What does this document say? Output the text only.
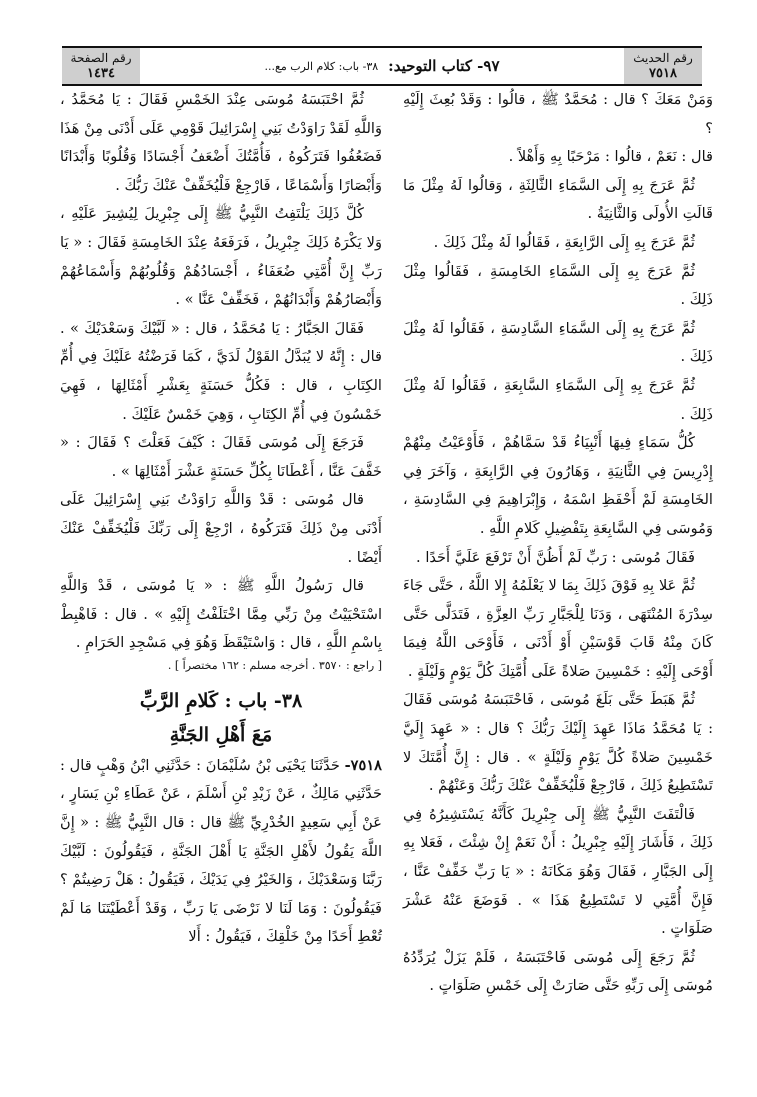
رقم الحديث
٧٥١٨
٩٧- كتاب التوحيد:
٣٨- باب: كلام الرب مع...
رقم الصفحة
١٤٣٤

وَمَنْ مَعَكَ ؟ قال : مُحَمَّدٌ ﷺ ، قالُوا : وَقَدْ بُعِثَ إِلَيْهِ ؟

قال : نَعَمْ ، قالُوا : مَرْحَبًا بِهِ وَأَهْلاً .

ثُمَّ عَرَجَ بِهِ إِلَى السَّمَاءِ الثَّالِثَةِ ، وَقالُوا لَهُ مِثْلَ مَا قَالَتِ الأُولَى وَالثَّانِيَةُ .

ثُمَّ عَرَجَ بِهِ إِلَى الرَّابِعَةِ ، فَقَالُوا لَهُ مِثْلَ ذَلِكَ .

ثُمَّ عَرَجَ بِهِ إِلَى السَّمَاءِ الخَامِسَةِ ، فَقَالُوا مِثْلَ ذَلِكَ .

ثُمَّ عَرَجَ بِهِ إِلَى السَّمَاءِ السَّادِسَةِ ، فَقَالُوا لَهُ مِثْلَ ذَلِكَ .

ثُمَّ عَرَجَ بِهِ إِلَى السَّمَاءِ السَّابِعَةِ ، فَقَالُوا لَهُ مِثْلَ ذَلِكَ .

كُلُّ سَمَاءٍ فِيهَا أَنْبِيَاءُ قَدْ سَمَّاهُمْ ، فَأَوْعَيْتُ مِنْهُمْ إِدْرِيسَ فِي الثَّانِيَةِ ، وَهَارُونَ فِي الرَّابِعَةِ ، وَآخَرَ فِي الخَامِسَةِ لَمْ أَحْفَظِ اسْمَهُ ، وَإِبْرَاهِيمَ فِي السَّادِسَةِ ، وَمُوسَى فِي السَّابِعَةِ بِتَفْضِيلِ كَلامِ اللَّهِ .

فَقَالَ مُوسَى : رَبِّ لَمْ أَظُنَّ أَنْ تَرْفَعَ عَلَيَّ أَحَدًا .

ثُمَّ عَلا بِهِ فَوْقَ ذَلِكَ بِمَا لا يَعْلَمُهُ إِلا اللَّهُ ، حَتَّى جَاءَ سِدْرَةَ المُنْتَهَى ، وَدَنَا لِلْجَبَّارِ رَبِّ العِزَّةِ ، فَتَدَلَّى حَتَّى كَانَ مِنْهُ قَابَ قَوْسَيْنِ أَوْ أَدْنَى ، فَأَوْحَى اللَّهُ فِيمَا أَوْحَى إِلَيْهِ : خَمْسِينَ صَلاةً عَلَى أُمَّتِكَ كُلَّ يَوْمٍ وَلَيْلَةٍ .

ثُمَّ هَبَطَ حَتَّى بَلَغَ مُوسَى ، فَاحْتَبَسَهُ مُوسَى فَقَالَ : يَا مُحَمَّدُ مَاذَا عَهِدَ إِلَيْكَ رَبُّكَ ؟ قال : « عَهِدَ إِلَيَّ خَمْسِينَ صَلاةً كُلَّ يَوْمٍ وَلَيْلَةٍ » . قال : إِنَّ أُمَّتَكَ لا تَسْتَطِيعُ ذَلِكَ ، فَارْجِعْ فَلْيُخَفِّفْ عَنْكَ رَبُّكَ وَعَنْهُمْ .

فَالْتَفَتَ النَّبِيُّ ﷺ إِلَى جِبْرِيلَ كَأَنَّهُ يَسْتَشِيرُهُ فِي ذَلِكَ ، فَأَشَارَ إِلَيْهِ جِبْرِيلُ : أَنْ نَعَمْ إِنْ شِئْتَ ، فَعَلا بِهِ إِلَى الجَبَّارِ ، فَقَالَ وَهُوَ مَكَانَهُ : « يَا رَبِّ خَفِّفْ عَنَّا ، فَإِنَّ أُمَّتِي لا تَسْتَطِيعُ هَذَا » . فَوَضَعَ عَنْهُ عَشْرَ صَلَوَاتٍ .

ثُمَّ رَجَعَ إِلَى مُوسَى فَاحْتَبَسَهُ ، فَلَمْ يَزَلْ يُرَدِّدُهُ مُوسَى إِلَى رَبِّهِ حَتَّى صَارَتْ إِلَى خَمْسِ صَلَوَاتٍ .

ثُمَّ احْتَبَسَهُ مُوسَى عِنْدَ الخَمْسِ فَقَالَ : يَا مُحَمَّدُ ، وَاللَّهِ لَقَدْ رَاوَدْتُ بَنِي إِسْرَائِيلَ قَوْمِي عَلَى أَدْنَى مِنْ هَذَا فَضَعُفُوا فَتَرَكُوهُ ، فَأُمَّتُكَ أَضْعَفُ أَجْسَادًا وَقُلُوبًا وَأَبْدَانًا وَأَبْصَارًا وَأَسْمَاعًا ، فَارْجِعْ فَلْيُخَفِّفْ عَنْكَ رَبُّكَ .

كُلَّ ذَلِكَ يَلْتَفِتُ النَّبِيُّ ﷺ إِلَى جِبْرِيلَ لِيُشِيرَ عَلَيْهِ ، وَلا يَكْرَهُ ذَلِكَ جِبْرِيلُ ، فَرَفَعَهُ عِنْدَ الخَامِسَةِ فَقَالَ : « يَا رَبِّ إِنَّ أُمَّتِي ضُعَفَاءُ ، أَجْسَادُهُمْ وَقُلُوبُهُمْ وَأَسْمَاعُهُمْ وَأَبْصَارُهُمْ وَأَبْدَانُهُمْ ، فَخَفِّفْ عَنَّا » .

فَقَالَ الجَبَّارُ : يَا مُحَمَّدُ ، قال : « لَبَّيْكَ وَسَعْدَيْكَ » . قال : إِنَّهُ لا يُبَدَّلُ القَوْلُ لَدَيَّ ، كَمَا فَرَضْتُهُ عَلَيْكَ فِي أُمِّ الكِتَابِ ، قال : فَكُلُّ حَسَنَةٍ بِعَشْرِ أَمْثَالِهَا ، فَهِيَ خَمْسُونَ فِي أُمِّ الكِتَابِ ، وَهِيَ خَمْسٌ عَلَيْكَ .

فَرَجَعَ إِلَى مُوسَى فَقَالَ : كَيْفَ فَعَلْتَ ؟ فَقَالَ : « خَفَّفَ عَنَّا ، أَعْطَانَا بِكُلِّ حَسَنَةٍ عَشْرَ أَمْثَالِهَا » .

قال مُوسَى : قَدْ وَاللَّهِ رَاوَدْتُ بَنِي إِسْرَائِيلَ عَلَى أَدْنَى مِنْ ذَلِكَ فَتَرَكُوهُ ، ارْجِعْ إِلَى رَبِّكَ فَلْيُخَفِّفْ عَنْكَ أَيْضًا .

قال رَسُولُ اللَّهِ ﷺ : « يَا مُوسَى ، قَدْ وَاللَّهِ اسْتَحْيَيْتُ مِنْ رَبِّي مِمَّا اخْتَلَفْتُ إِلَيْهِ » . قال : فَاهْبِطْ بِاسْمِ اللَّهِ ، قال : وَاسْتَيْقَظَ وَهُوَ فِي مَسْجِدِ الحَرَامِ .

[ راجع : ٣٥٧٠ . أخرجه مسلم : ١٦٢ مختصراً ] .

٣٨- باب : كَلامِ الرَّبِّ
مَعَ أَهْلِ الجَنَّةِ

٧٥١٨- حَدَّثَنَا يَحْيَى بْنُ سُلَيْمَانَ : حَدَّثَنِي ابْنُ وَهْبٍ قال : حَدَّثَنِي مَالِكٌ ، عَنْ زَيْدِ بْنِ أَسْلَمَ ، عَنْ عَطَاءِ بْنِ يَسَارٍ ، عَنْ أَبِي سَعِيدٍ الخُدْرِيِّ ﷺ قال : قال النَّبِيُّ ﷺ : « إِنَّ اللَّهَ يَقُولُ لأَهْلِ الجَنَّةِ يَا أَهْلَ الجَنَّةِ ، فَيَقُولُونَ : لَبَّيْكَ رَبَّنَا وَسَعْدَيْكَ ، وَالخَيْرُ فِي يَدَيْكَ ، فَيَقُولُ : هَلْ رَضِيتُمْ ؟ فَيَقُولُونَ : وَمَا لَنَا لا نَرْضَى يَا رَبِّ ، وَقَدْ أَعْطَيْتَنَا مَا لَمْ تُعْطِ أَحَدًا مِنْ خَلْقِكَ ، فَيَقُولُ : أَلا
